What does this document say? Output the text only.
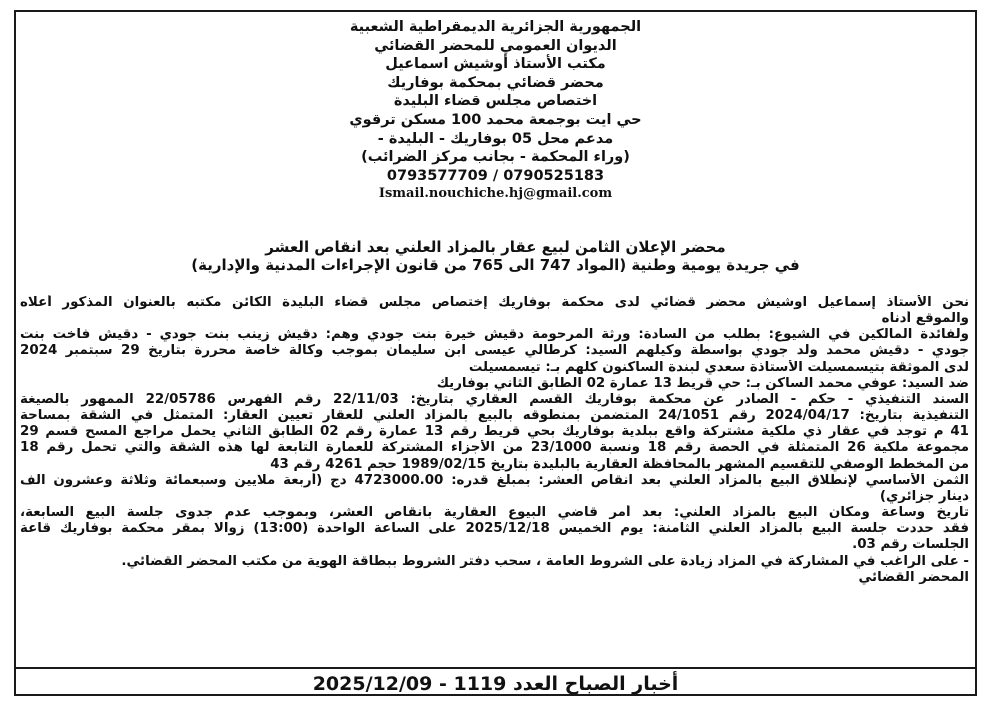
الجمهورية الجزائرية الديمقراطية الشعبية
الديوان العمومي للمحضر القضائي
مكتب الأستاذ أوشيش اسماعيل
محضر قضائي بمحكمة بوفاريك
اختصاص مجلس قضاء البليدة
حي ايت بوجمعة محمد 100 مسكن ترقوي
مدعم محل 05 بوفاريك - البليدة -
(وراء المحكمة - بجانب مركز الضرائب)
0790525183 / 0793577709
Ismail.nouchiche.hj@gmail.com
محضر الإعلان الثامن لبيع عقار بالمزاد العلني بعد انقاص العشر
في جريدة يومية وطنية (المواد 747 الى 765 من قانون الإجراءات المدنية والإدارية)
نحن الأستاذ إسماعيل اوشيش محضر قضائي لدى محكمة بوفاريك إختصاص مجلس قضاء البليدة الكائن مكتبه بالعنوان المذكور أعلاه
والموقع أدناه
ولفائدة المالكين في الشيوع: بطلب من السادة: ورثة المرحومة دقيش خيرة بنت جودي وهم: دقيش زينب بنت جودي - دقيش فاخت بنت
جودي - دقيش محمد ولد جودي بواسطة وكيلهم السيد: كرطالي عيسى ابن سليمان بموجب وكالة خاصة محررة بتاريخ 29 سبتمبر 2024
لدى الموثقة بتيسمسيلت الأستاذة سعدي لبندة الساكنون كلهم بـ: تيسمسيلت
ضد السيد: عوفي محمد الساكن بـ: حي قريط 13 عمارة 02 الطابق الثاني بوفاريك
السند التنفيذي - حكم - الصادر عن محكمة بوفاريك القسم العقاري بتاريخ: 22/11/03 رقم الفهرس 22/05786 الممهور بالصيغة
التنفيذية بتاريخ: 2024/04/17 رقم 24/1051 المتضمن بمنطوقه بالبيع بالمزاد العلني للعقار تعيين العقار: المتمثل في الشقة بمساحة
41 م توجد في عقار ذي ملكية مشتركة واقع ببلدية بوفاريك بحي قريط رقم 13 عمارة رقم 02 الطابق الثاني يحمل مراجع المسح قسم 29
مجموعة ملكية 26 المتمثلة في الحصة رقم 18 ونسبة 23/1000 من الأجزاء المشتركة للعمارة التابعة لها هذه الشقة والتي تحمل رقم 18
من المخطط الوصفي للتقسيم المشهر بالمحافظة العقارية بالبليدة بتاريخ 1989/02/15 حجم 4261 رقم 43
الثمن الأساسي لإنطلاق البيع بالمزاد العلني بعد انقاص العشر: بمبلغ قدره: 4723000.00 دج (أربعة ملايين وسبعمائة وثلاثة وعشرون الف
دينار جزائري)
تاريخ وساعة ومكان البيع بالمزاد العلني: بعد أمر قاضي البيوع العقارية بانقاص العشر، وبموجب عدم جدوى جلسة البيع السابعة،
فقد حددت جلسة البيع بالمزاد العلني الثامنة: يوم الخميس 2025/12/18 على الساعة الواحدة (13:00) زوالا بمقر محكمة بوفاريك قاعة
الجلسات رقم 03.
- على الراغب في المشاركة في المزاد زيادة على الشروط العامة ، سحب دفتر الشروط ببطاقة الهوية من مكتب المحضر القضائي.
المحضر القضائي
أخبار الصباح العدد 1119 - 2025/12/09
